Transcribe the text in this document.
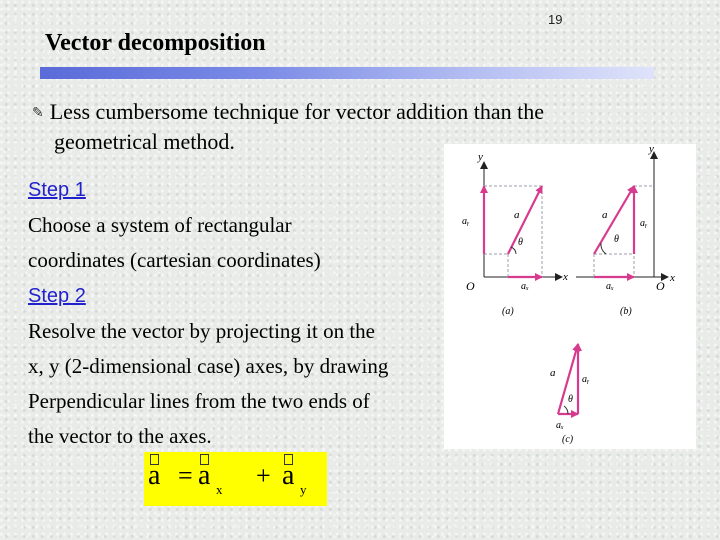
19
Vector decomposition
✎ Less cumbersome technique for vector addition than the
geometrical method.
Step 1
Choose a system of rectangular
coordinates (cartesian coordinates)
Step 2
Resolve the vector by projecting it on the
x, y (2-dimensional case) axes, by drawing
Perpendicular lines from the two ends of
the vector to the axes.
y
x
O
aᵧ
aₓ
a⃗
θ
(a)
y
x
O
aᵧ
aₓ
a⃗
θ
(b)
a⃗
aᵧ
aₓ
θ
(c)
a = a x + a y
